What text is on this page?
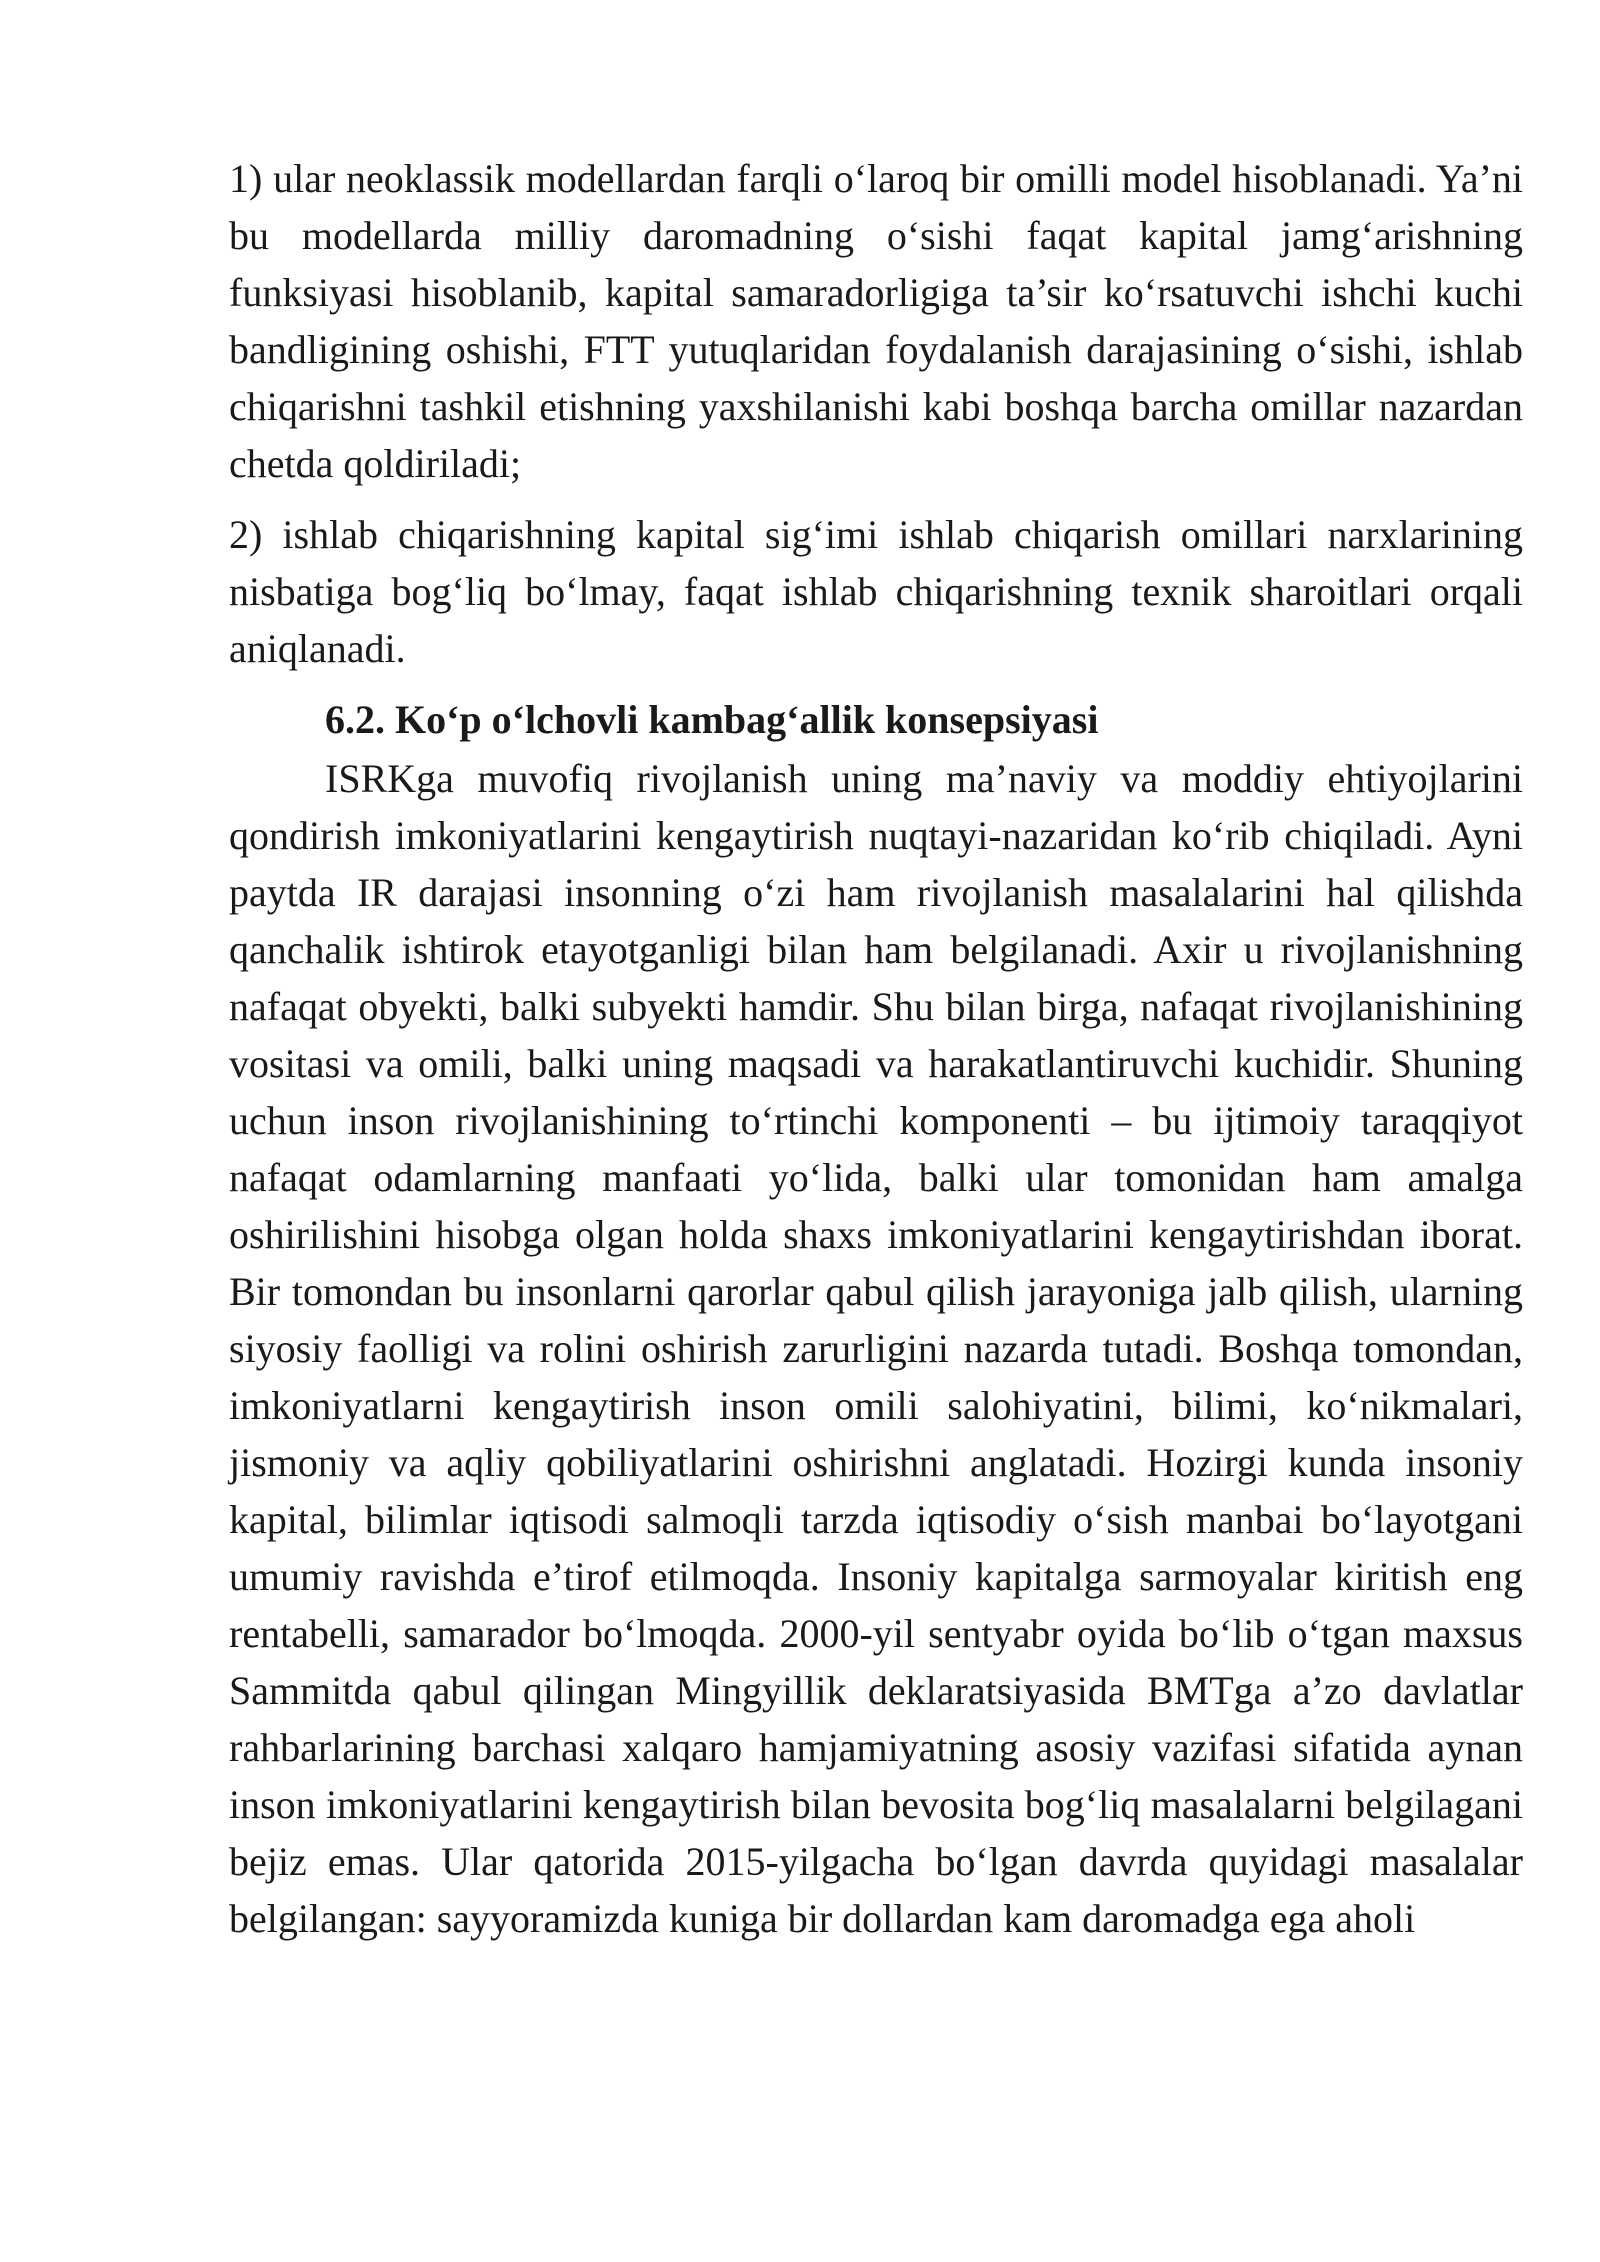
1) ular neoklassik modellardan farqli oʻlaroq bir omilli model hisoblanadi. Ya’ni bu modellarda milliy daromadning oʻsishi faqat kapital jamgʻarishning funksiyasi hisoblanib, kapital samaradorligiga ta’sir koʻrsatuvchi ishchi kuchi bandligining oshishi, FTT yutuqlaridan foydalanish darajasining oʻsishi, ishlab chiqarishni tashkil etishning yaxshilanishi kabi boshqa barcha omillar nazardan chetda qoldiriladi;

2) ishlab chiqarishning kapital sigʻimi ishlab chiqarish omillari narxlarining nisbatiga bogʻliq boʻlmay, faqat ishlab chiqarishning texnik sharoitlari orqali aniqlanadi.

6.2. Koʻp oʻlchovli kambagʻallik konsepsiyasi

ISRKga muvofiq rivojlanish uning ma’naviy va moddiy ehtiyojlarini qondirish imkoniyatlarini kengaytirish nuqtayi-nazaridan koʻrib chiqiladi. Ayni paytda IR darajasi insonning oʻzi ham rivojlanish masalalarini hal qilishda qanchalik ishtirok etayotganligi bilan ham belgilanadi. Axir u rivojlanishning nafaqat obyekti, balki subyekti hamdir. Shu bilan birga, nafaqat rivojlanishining vositasi va omili, balki uning maqsadi va harakatlantiruvchi kuchidir. Shuning uchun inson rivojlanishining toʻrtinchi komponenti – bu ijtimoiy taraqqiyot nafaqat odamlarning manfaati yoʻlida, balki ular tomonidan ham amalga oshirilishini hisobga olgan holda shaxs imkoniyatlarini kengaytirishdan iborat. Bir tomondan bu insonlarni qarorlar qabul qilish jarayoniga jalb qilish, ularning siyosiy faolligi va rolini oshirish zarurligini nazarda tutadi. Boshqa tomondan, imkoniyatlarni kengaytirish inson omili salohiyatini, bilimi, koʻnikmalari, jismoniy va aqliy qobiliyatlarini oshirishni anglatadi. Hozirgi kunda insoniy kapital, bilimlar iqtisodi salmoqli tarzda iqtisodiy oʻsish manbai boʻlayotgani umumiy ravishda e’tirof etilmoqda. Insoniy kapitalga sarmoyalar kiritish eng rentabelli, samarador boʻlmoqda. 2000-yil sentyabr oyida boʻlib oʻtgan maxsus Sammitda qabul qilingan Mingyillik deklaratsiyasida BMTga a’zo davlatlar rahbarlarining barchasi xalqaro hamjamiyatning asosiy vazifasi sifatida aynan inson imkoniyatlarini kengaytirish bilan bevosita bogʻliq masalalarni belgilagani bejiz emas. Ular qatorida 2015-yilgacha boʻlgan davrda quyidagi masalalar belgilangan: sayyoramizda kuniga bir dollardan kam daromadga ega aholi
